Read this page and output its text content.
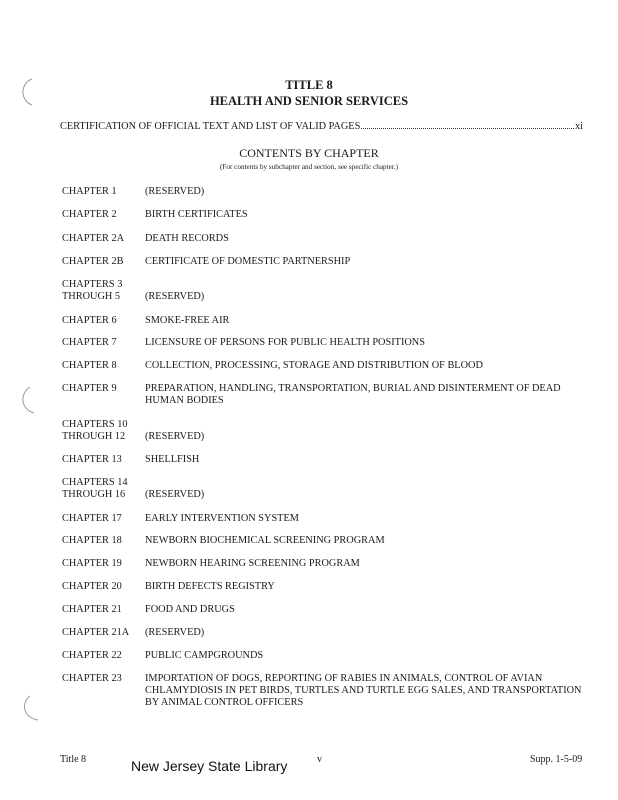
TITLE 8
HEALTH AND SENIOR SERVICES
CERTIFICATION OF OFFICIAL TEXT AND LIST OF VALID PAGES	xi
CONTENTS BY CHAPTER
(For contents by subchapter and section, see specific chapter.)
CHAPTER 1	(RESERVED)
CHAPTER 2	BIRTH CERTIFICATES
CHAPTER 2A	DEATH RECORDS
CHAPTER 2B	CERTIFICATE OF DOMESTIC PARTNERSHIP
CHAPTERS 3
THROUGH 5	(RESERVED)
CHAPTER 6	SMOKE-FREE AIR
CHAPTER 7	LICENSURE OF PERSONS FOR PUBLIC HEALTH POSITIONS
CHAPTER 8	COLLECTION, PROCESSING, STORAGE AND DISTRIBUTION OF BLOOD
CHAPTER 9	PREPARATION, HANDLING, TRANSPORTATION, BURIAL AND DISINTERMENT OF DEAD HUMAN BODIES
CHAPTERS 10
THROUGH 12	(RESERVED)
CHAPTER 13	SHELLFISH
CHAPTERS 14
THROUGH 16	(RESERVED)
CHAPTER 17	EARLY INTERVENTION SYSTEM
CHAPTER 18	NEWBORN BIOCHEMICAL SCREENING PROGRAM
CHAPTER 19	NEWBORN HEARING SCREENING PROGRAM
CHAPTER 20	BIRTH DEFECTS REGISTRY
CHAPTER 21	FOOD AND DRUGS
CHAPTER 21A	(RESERVED)
CHAPTER 22	PUBLIC CAMPGROUNDS
CHAPTER 23	IMPORTATION OF DOGS, REPORTING OF RABIES IN ANIMALS, CONTROL OF AVIAN CHLAMYDIOSIS IN PET BIRDS, TURTLES AND TURTLE EGG SALES, AND TRANSPORTATION BY ANIMAL CONTROL OFFICERS
Title 8	New Jersey State Library	v	Supp. 1-5-09
